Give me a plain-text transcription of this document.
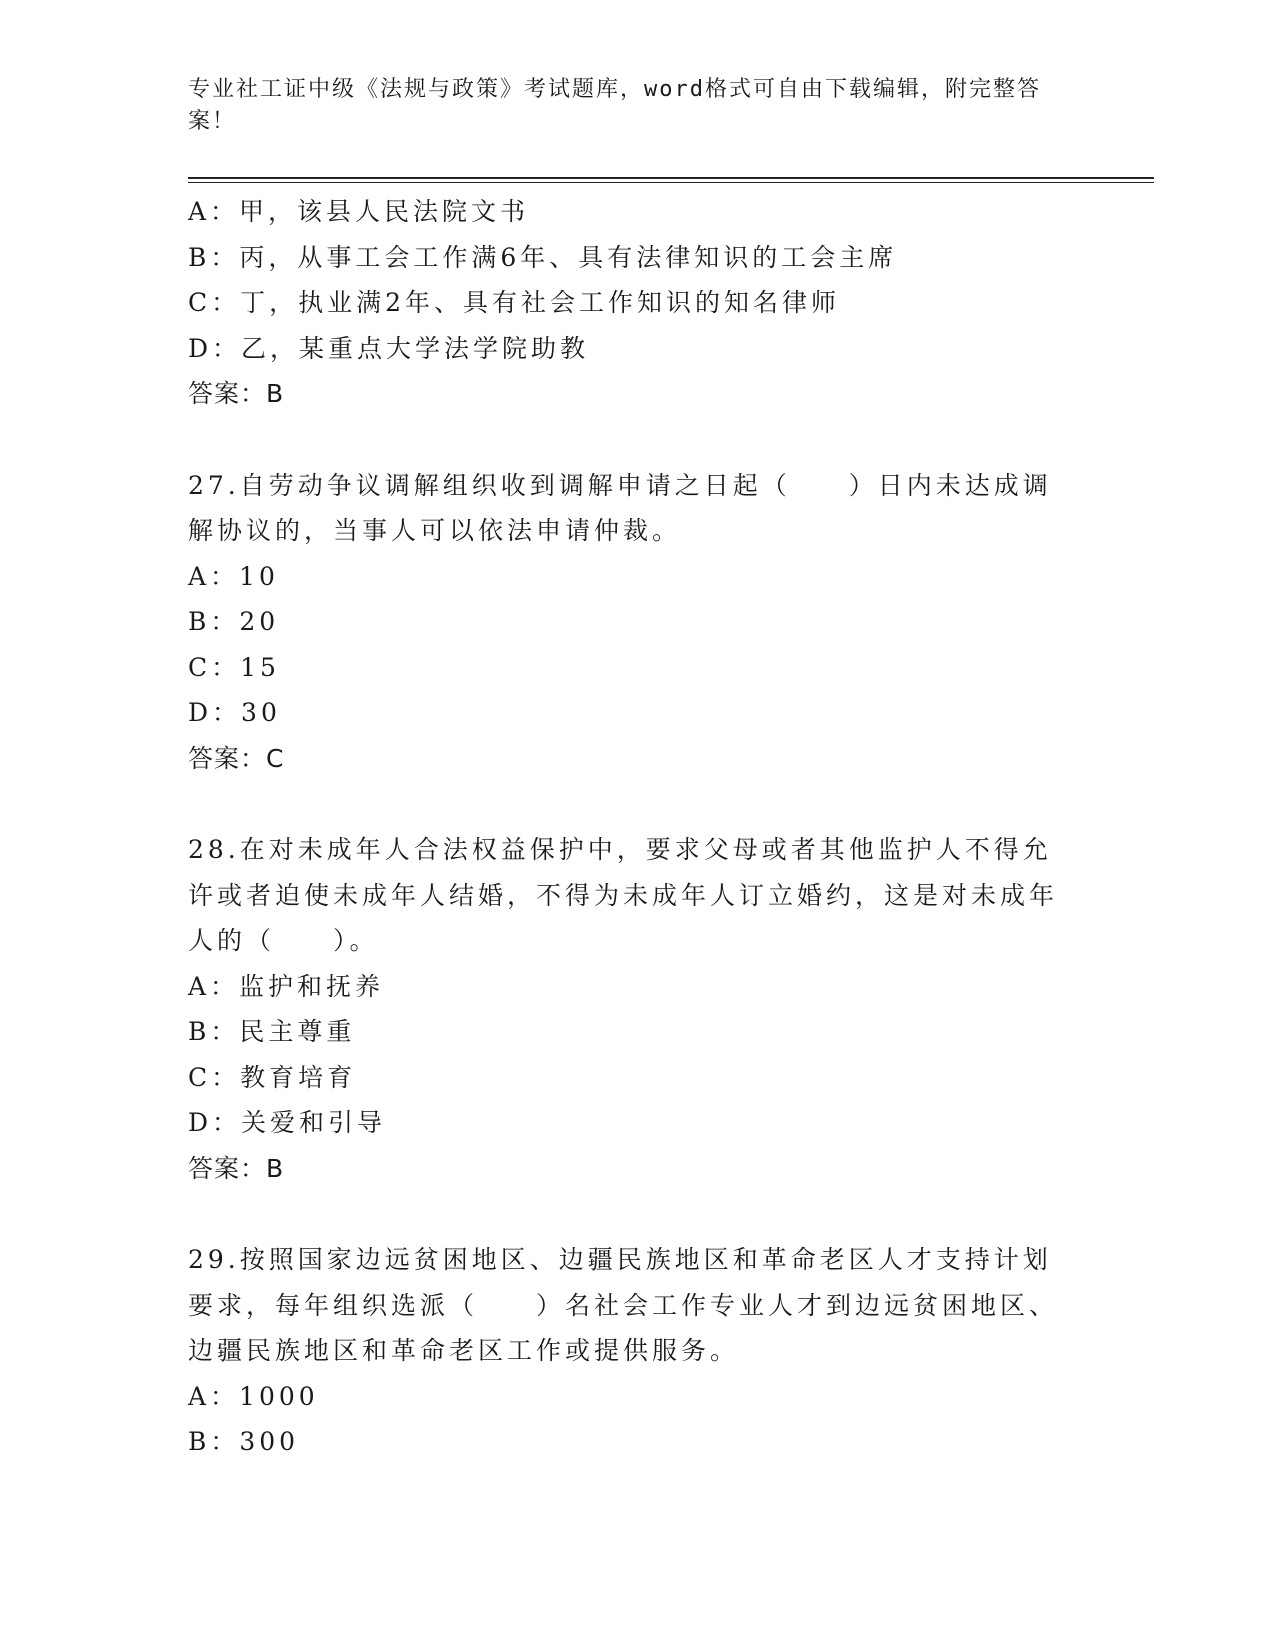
专业社工证中级《法规与政策》考试题库，word格式可自由下载编辑，附完整答案！
A：甲，该县人民法院文书
B：丙，从事工会工作满6年、具有法律知识的工会主席
C：丁，执业满2年、具有社会工作知识的知名律师
D：乙，某重点大学法学院助教
答案：B
27.自劳动争议调解组织收到调解申请之日起（　　）日内未达成调解协议的，当事人可以依法申请仲裁。
A：10
B：20
C：15
D：30
答案：C
28.在对未成年人合法权益保护中，要求父母或者其他监护人不得允许或者迫使未成年人结婚，不得为未成年人订立婚约，这是对未成年人的（　　）。
A：监护和抚养
B：民主尊重
C：教育培育
D：关爱和引导
答案：B
29.按照国家边远贫困地区、边疆民族地区和革命老区人才支持计划要求，每年组织选派（　　）名社会工作专业人才到边远贫困地区、边疆民族地区和革命老区工作或提供服务。
A：1000
B：300
